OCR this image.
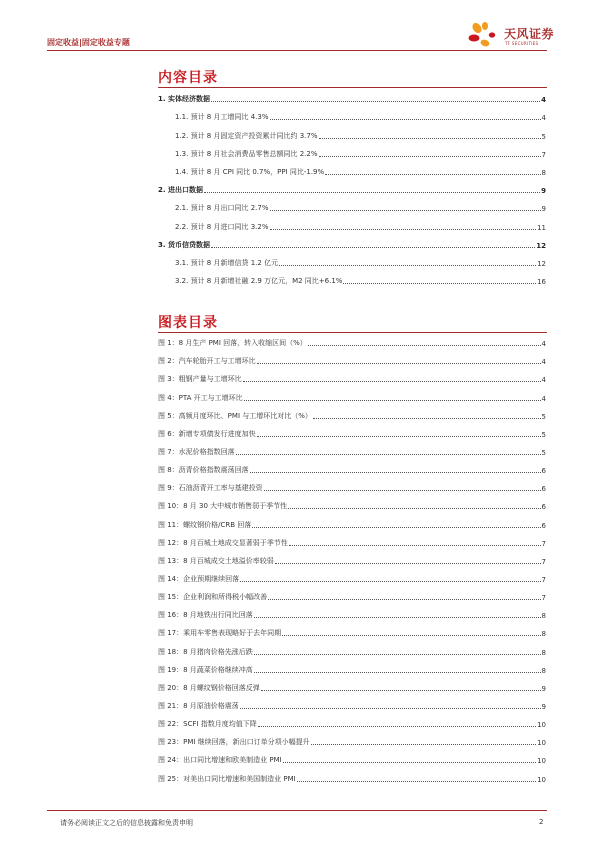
固定收益|固定收益专题
天风证券
TF SECURITIES
内容目录
1. 实体经济数据	4
1.1. 预计 8 月工增同比 4.3%	4
1.2. 预计 8 月固定资产投资累计同比约 3.7%	5
1.3. 预计 8 月社会消费品零售总额同比 2.2%	7
1.4. 预计 8 月 CPI 同比 0.7%，PPI 同比-1.9%	8
2. 进出口数据	9
2.1. 预计 8 月出口同比 2.7%	9
2.2. 预计 8 月进口同比 3.2%	11
3. 货币信贷数据	12
3.1. 预计 8 月新增信贷 1.2 亿元	12
3.2. 预计 8 月新增社融 2.9 万亿元，M2 同比+6.1%	16
图表目录
图 1：8 月生产 PMI 回落，转入收缩区间（%）	4
图 2：汽车轮胎开工与工增环比	4
图 3：粗钢产量与工增环比	4
图 4：PTA 开工与工增环比	4
图 5：高频月度环比、PMI 与工增环比对比（%）	5
图 6：新增专项债发行进度加快	5
图 7：水泥价格指数回落	5
图 8：沥青价格指数震荡回落	6
图 9：石油沥青开工率与基建投资	6
图 10：8 月 30 大中城市销售弱于季节性	6
图 11：螺纹钢价格/CRB 回落	6
图 12：8 月百城土地成交显著弱于季节性	7
图 13：8 月百城成交土地溢价率较弱	7
图 14：企业预期继续回落	7
图 15：企业利润和所得税小幅改善	7
图 16：8 月地铁出行同比回落	8
图 17：乘用车零售表现略好于去年同期	8
图 18：8 月猪肉价格先涨后跌	8
图 19：8 月蔬菜价格继续冲高	8
图 20：8 月螺纹钢价格回落反弹	9
图 21：8 月原油价格震荡	9
图 22：SCFI 指数月度均值下降	10
图 23：PMI 继续回落，新出口订单分项小幅提升	10
图 24：出口同比增速和欧美制造业 PMI	10
图 25：对美出口同比增速和美国制造业 PMI	10
请务必阅读正文之后的信息披露和免责申明	2
